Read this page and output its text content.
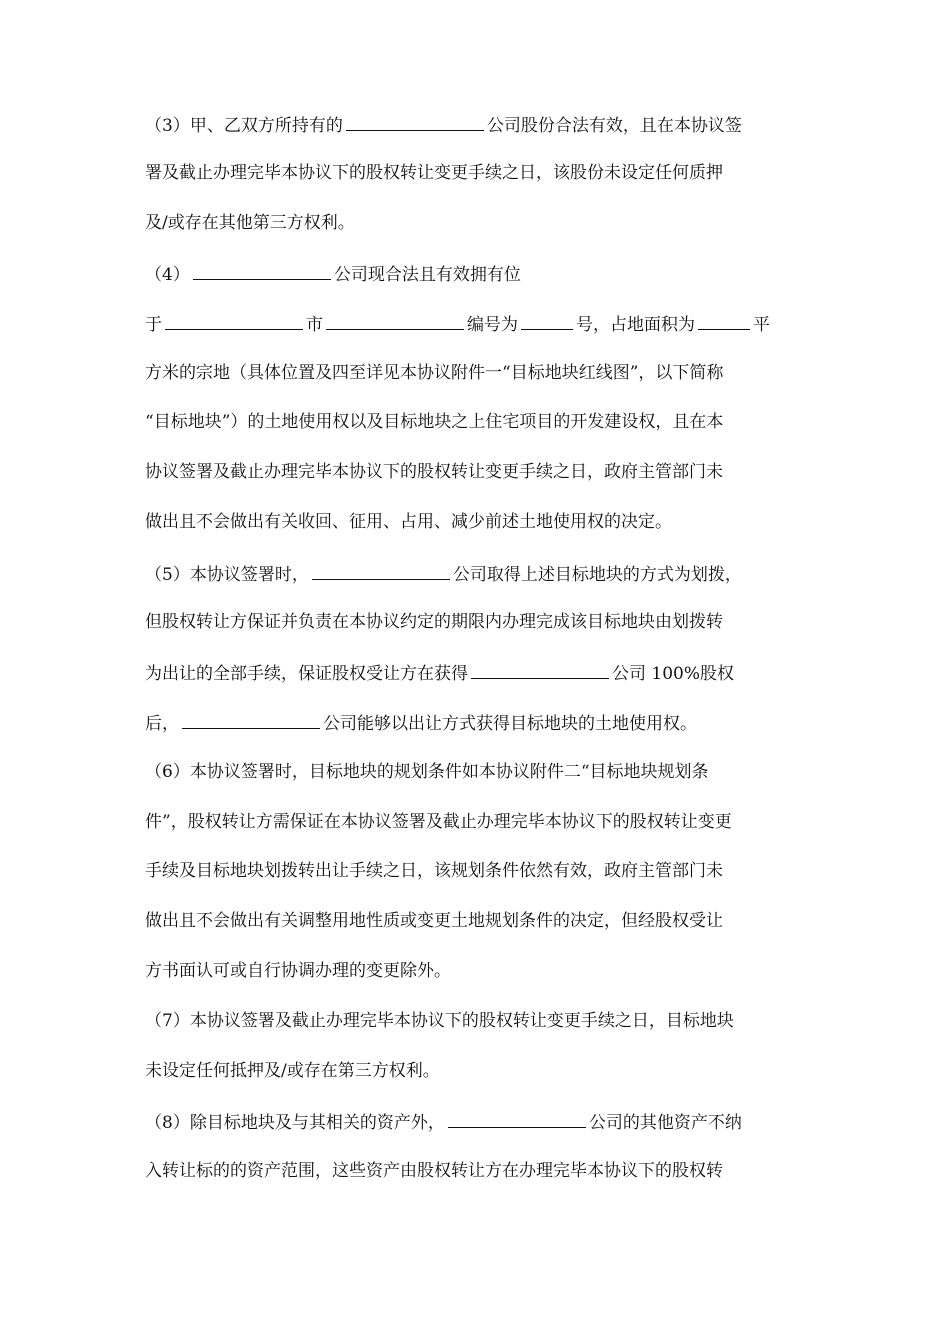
（3）甲、乙双方所持有的	公司股份合法有效，且在本协议签
署及截止办理完毕本协议下的股权转让变更手续之日，该股份未设定任何质押
及/或存在其他第三方权利。
（4）	公司现合法且有效拥有位
于	市	编号为	号，占地面积为	平
方米的宗地（具体位置及四至详见本协议附件一“目标地块红线图”，以下简称
“目标地块”）的土地使用权以及目标地块之上住宅项目的开发建设权，且在本
协议签署及截止办理完毕本协议下的股权转让变更手续之日，政府主管部门未
做出且不会做出有关收回、征用、占用、减少前述土地使用权的决定。
（5）本协议签署时，	公司取得上述目标地块的方式为划拨，
但股权转让方保证并负责在本协议约定的期限内办理完成该目标地块由划拨转
为出让的全部手续，保证股权受让方在获得	公司 100%股权
后，	公司能够以出让方式获得目标地块的土地使用权。
（6）本协议签署时，目标地块的规划条件如本协议附件二“目标地块规划条
件”，股权转让方需保证在本协议签署及截止办理完毕本协议下的股权转让变更
手续及目标地块划拨转出让手续之日，该规划条件依然有效，政府主管部门未
做出且不会做出有关调整用地性质或变更土地规划条件的决定，但经股权受让
方书面认可或自行协调办理的变更除外。
（7）本协议签署及截止办理完毕本协议下的股权转让变更手续之日，目标地块
未设定任何抵押及/或存在第三方权利。
（8）除目标地块及与其相关的资产外，	公司的其他资产不纳
入转让标的的资产范围，这些资产由股权转让方在办理完毕本协议下的股权转
